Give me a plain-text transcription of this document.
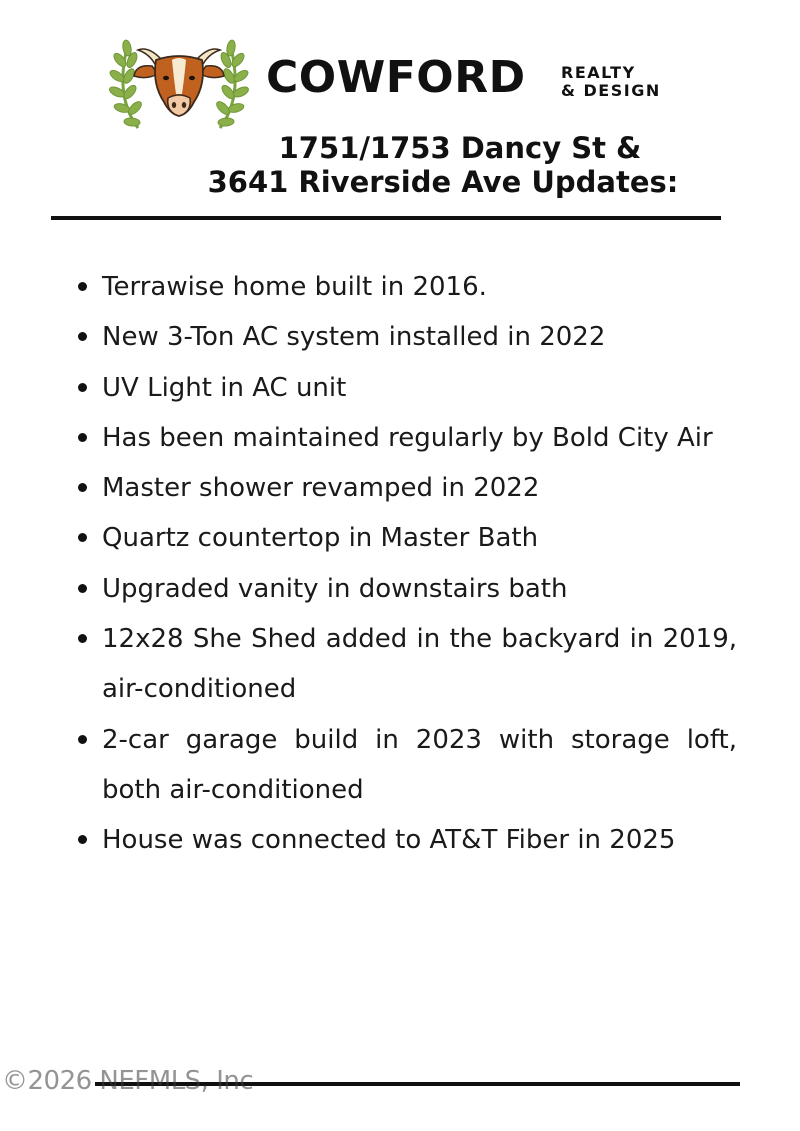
COWFORD REALTY
& DESIGN
1751/1753 Dancy St &
3641 Riverside Ave Updates:
Terrawise home built in 2016.
New 3-Ton AC system installed in 2022
UV Light in AC unit
Has been maintained regularly by Bold City Air
Master shower revamped in 2022
Quartz countertop in Master Bath
Upgraded vanity in downstairs bath
12x28 She Shed added in the backyard in 2019, air-conditioned
2-car garage build in 2023 with storage loft, both air-conditioned
House was connected to AT&T Fiber in 2025
©2026 NEFMLS, Inc
